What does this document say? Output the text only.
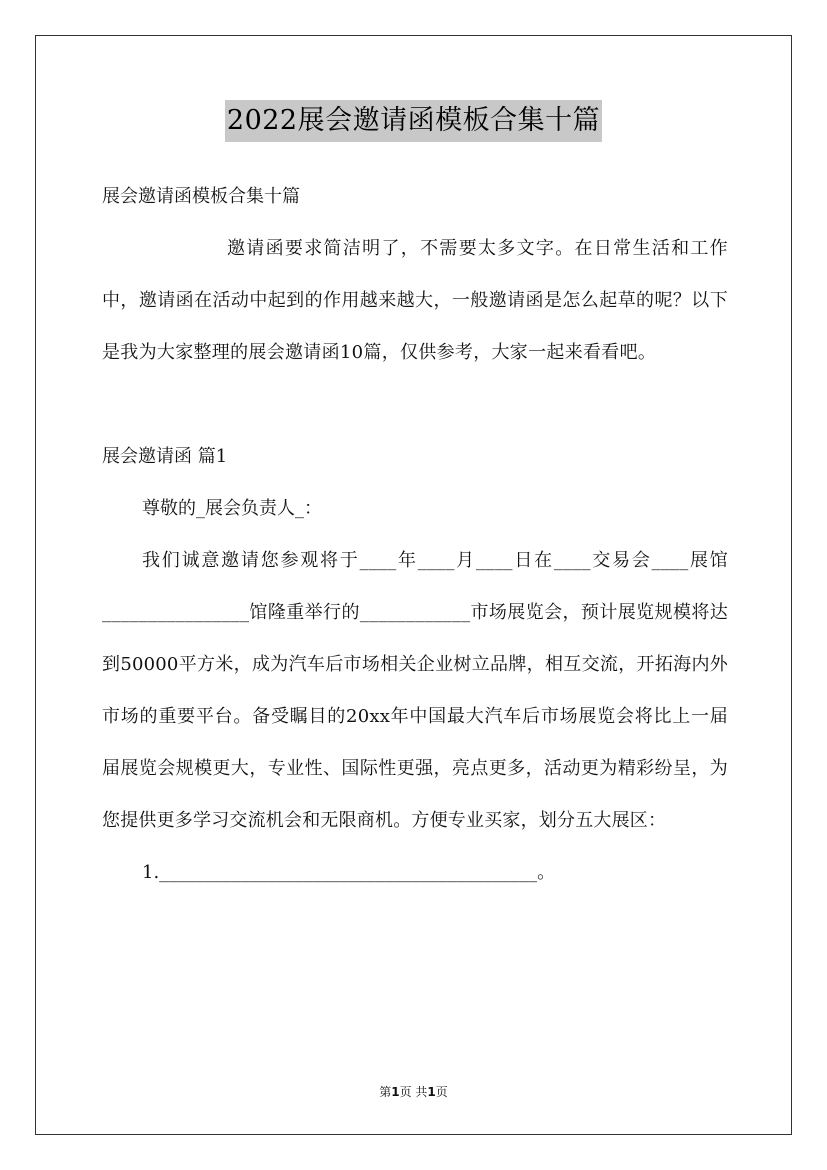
2022展会邀请函模板合集十篇

展会邀请函模板合集十篇

邀请函要求简洁明了，不需要太多文字。在日常生活和工作中，邀请函在活动中起到的作用越来越大，一般邀请函是怎么起草的呢？以下是我为大家整理的展会邀请函10篇，仅供参考，大家一起来看看吧。

展会邀请函 篇1

尊敬的_展会负责人_：

我们诚意邀请您参观将于____年____月____日在____交易会____展馆________________馆隆重举行的____________市场展览会，预计展览规模将达到50000平方米，成为汽车后市场相关企业树立品牌，相互交流，开拓海内外市场的重要平台。备受瞩目的20xx年中国最大汽车后市场展览会将比上一届届展览会规模更大，专业性、国际性更强，亮点更多，活动更为精彩纷呈，为您提供更多学习交流机会和无限商机。方便专业买家，划分五大展区：

1.__________________________________________。

第1页 共1页
